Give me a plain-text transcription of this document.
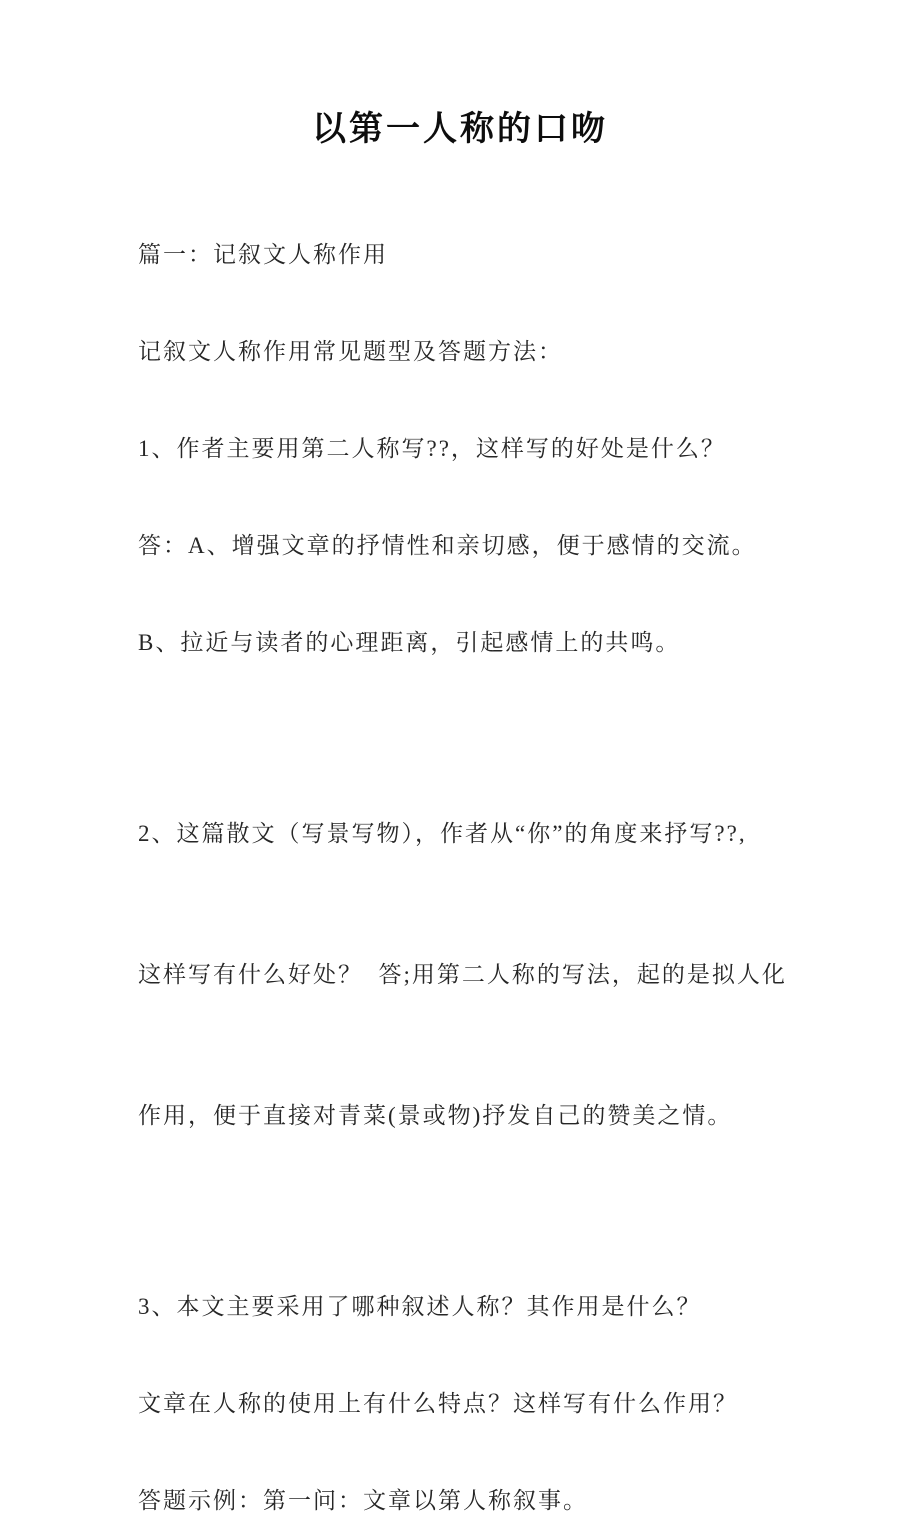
以第一人称的口吻

篇一：记叙文人称作用

记叙文人称作用常见题型及答题方法：

1、作者主要用第二人称写??，这样写的好处是什么？

答：A、增强文章的抒情性和亲切感，便于感情的交流。

B、拉近与读者的心理距离，引起感情上的共鸣。

2、这篇散文（写景写物），作者从“你”的角度来抒写??,

这样写有什么好处？  答;用第二人称的写法，起的是拟人化

作用，便于直接对青菜(景或物)抒发自己的赞美之情。

3、本文主要采用了哪种叙述人称？其作用是什么？

文章在人称的使用上有什么特点？这样写有什么作用？

答题示例：第一问：文章以第人称叙事。
